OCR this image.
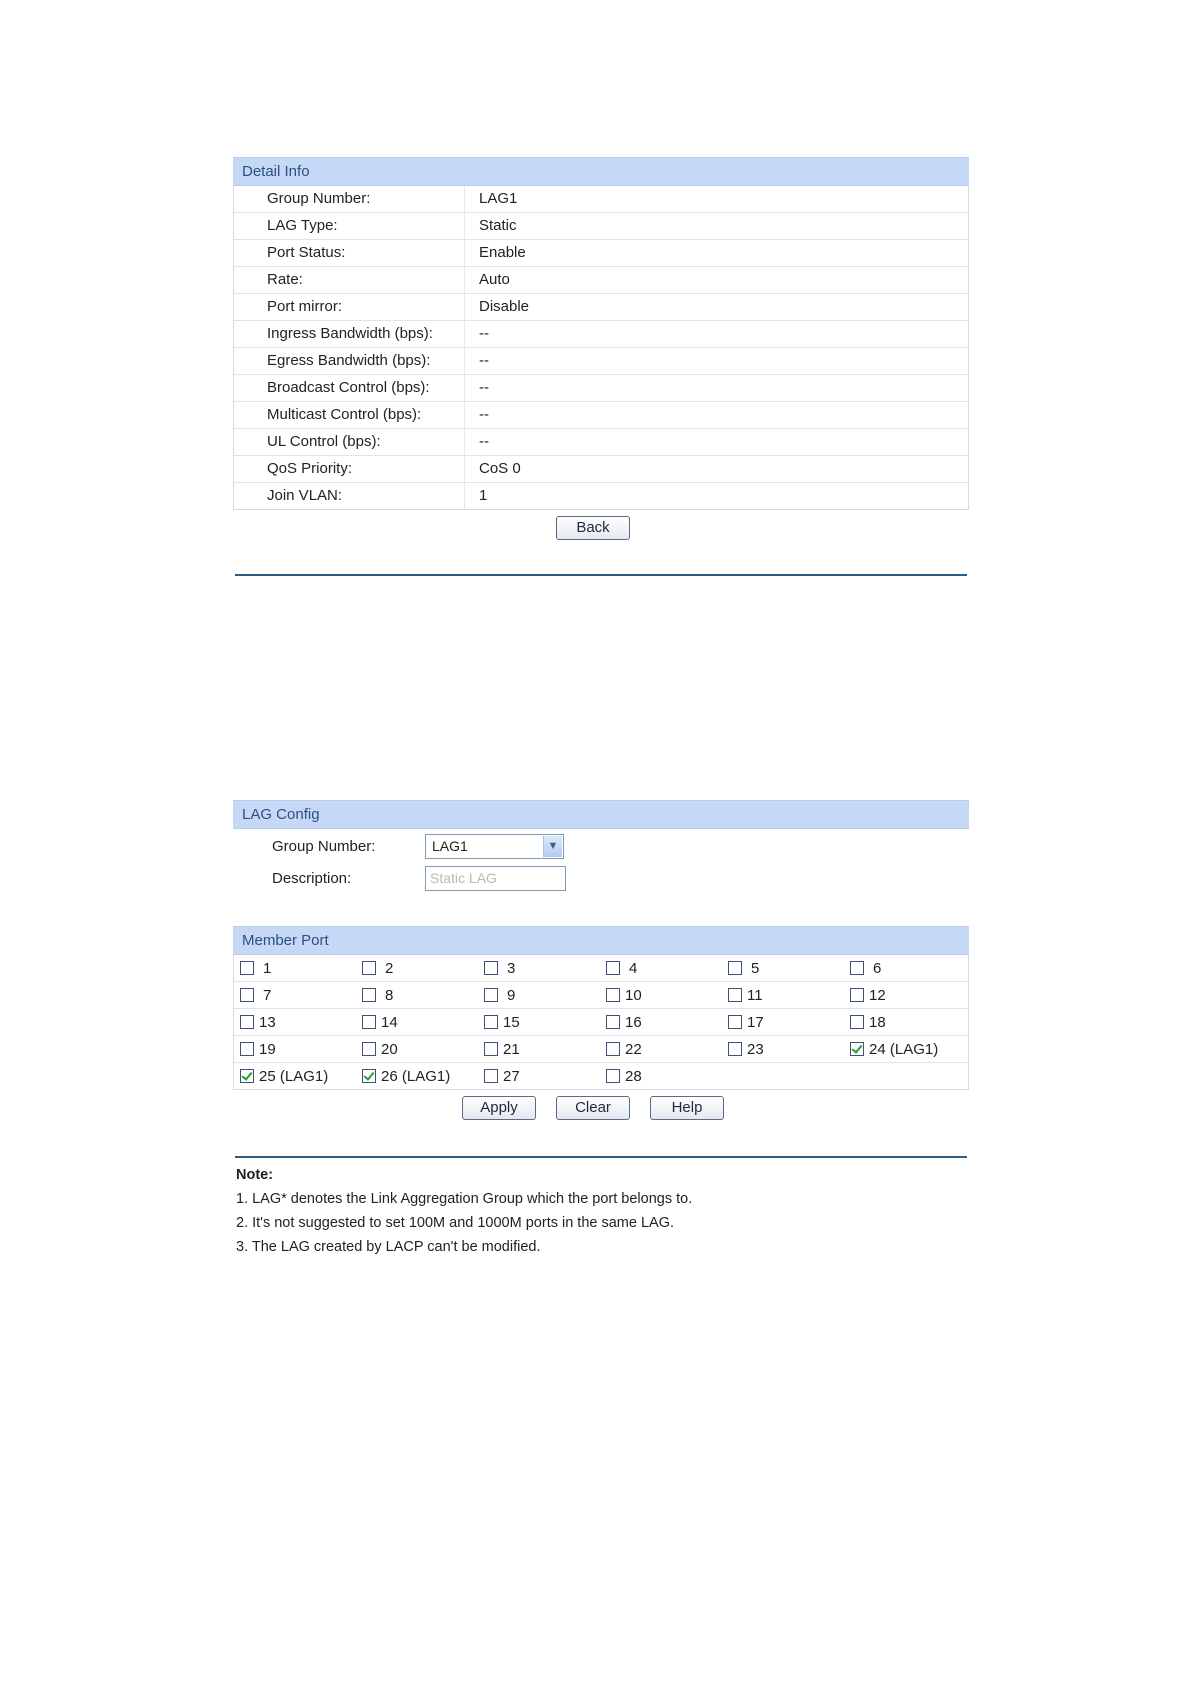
Detail Info
Group Number:	LAG1
LAG Type:	Static
Port Status:	Enable
Rate:	Auto
Port mirror:	Disable
Ingress Bandwidth (bps):	--
Egress Bandwidth (bps):	--
Broadcast Control (bps):	--
Multicast Control (bps):	--
UL Control (bps):	--
QoS Priority:	CoS 0
Join VLAN:	1
Back
LAG Config
Group Number:	LAG1	▼
Description:	Static LAG
Member Port
1	2	3	4	5	6
7	8	9	10	11	12
13	14	15	16	17	18
19	20	21	22	23	24 (LAG1)
25 (LAG1)	26 (LAG1)	27	28
Apply	Clear	Help
Note:
1. LAG* denotes the Link Aggregation Group which the port belongs to.
2. It's not suggested to set 100M and 1000M ports in the same LAG.
3. The LAG created by LACP can't be modified.
